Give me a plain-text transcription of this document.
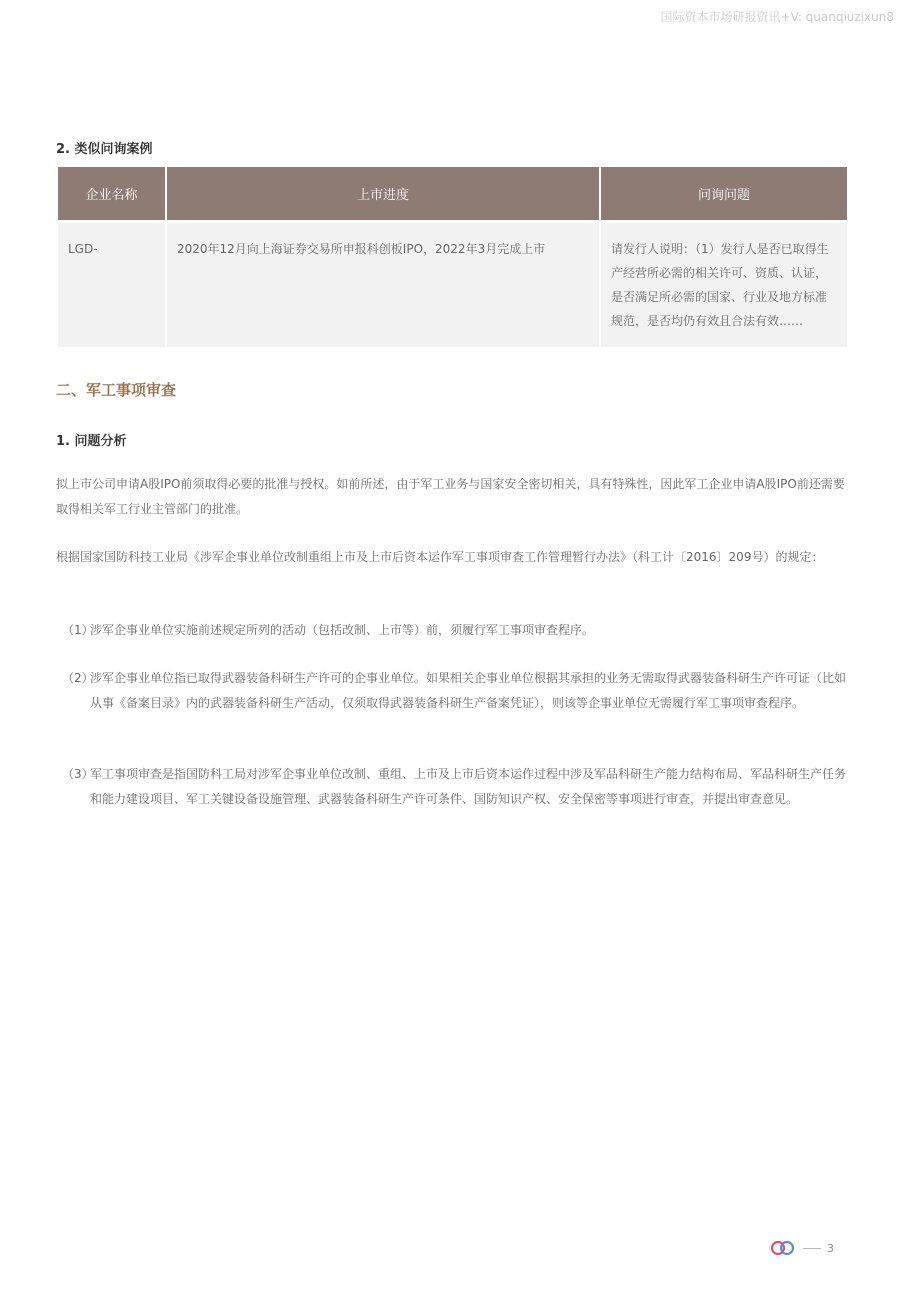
国际资本市场研报资讯+V: quanqiuzixun8
2. 类似问询案例
企业名称	上市进度	问询问题

LGD-	2020年12月向上海证券交易所申报科创板IPO，2022年3月完成上市	请发行人说明：（1）发行人是否已取得生产经营所必需的相关许可、资质、认证，是否满足所必需的国家、行业及地方标准规范，是否均仍有效且合法有效……
二、军工事项审查
1. 问题分析
拟上市公司申请A股IPO前须取得必要的批准与授权。如前所述，由于军工业务与国家安全密切相关，具有特殊性，因此军工企业申请A股IPO前还需要取得相关军工行业主管部门的批准。
根据国家国防科技工业局《涉军企事业单位改制重组上市及上市后资本运作军工事项审查工作管理暂行办法》（科工计〔2016〕209号）的规定：
（1）
涉军企事业单位实施前述规定所列的活动（包括改制、上市等）前，须履行军工事项审查程序。
（2）
涉军企事业单位指已取得武器装备科研生产许可的企事业单位。如果相关企事业单位根据其承担的业务无需取得武器装备科研生产许可证（比如从事《备案目录》内的武器装备科研生产活动，仅须取得武器装备科研生产备案凭证），则该等企事业单位无需履行军工事项审查程序。
（3）
军工事项审查是指国防科工局对涉军企事业单位改制、重组、上市及上市后资本运作过程中涉及军品科研生产能力结构布局、军品科研生产任务和能力建设项目、军工关键设备设施管理、武器装备科研生产许可条件、国防知识产权、安全保密等事项进行审查，并提出审查意见。
3
